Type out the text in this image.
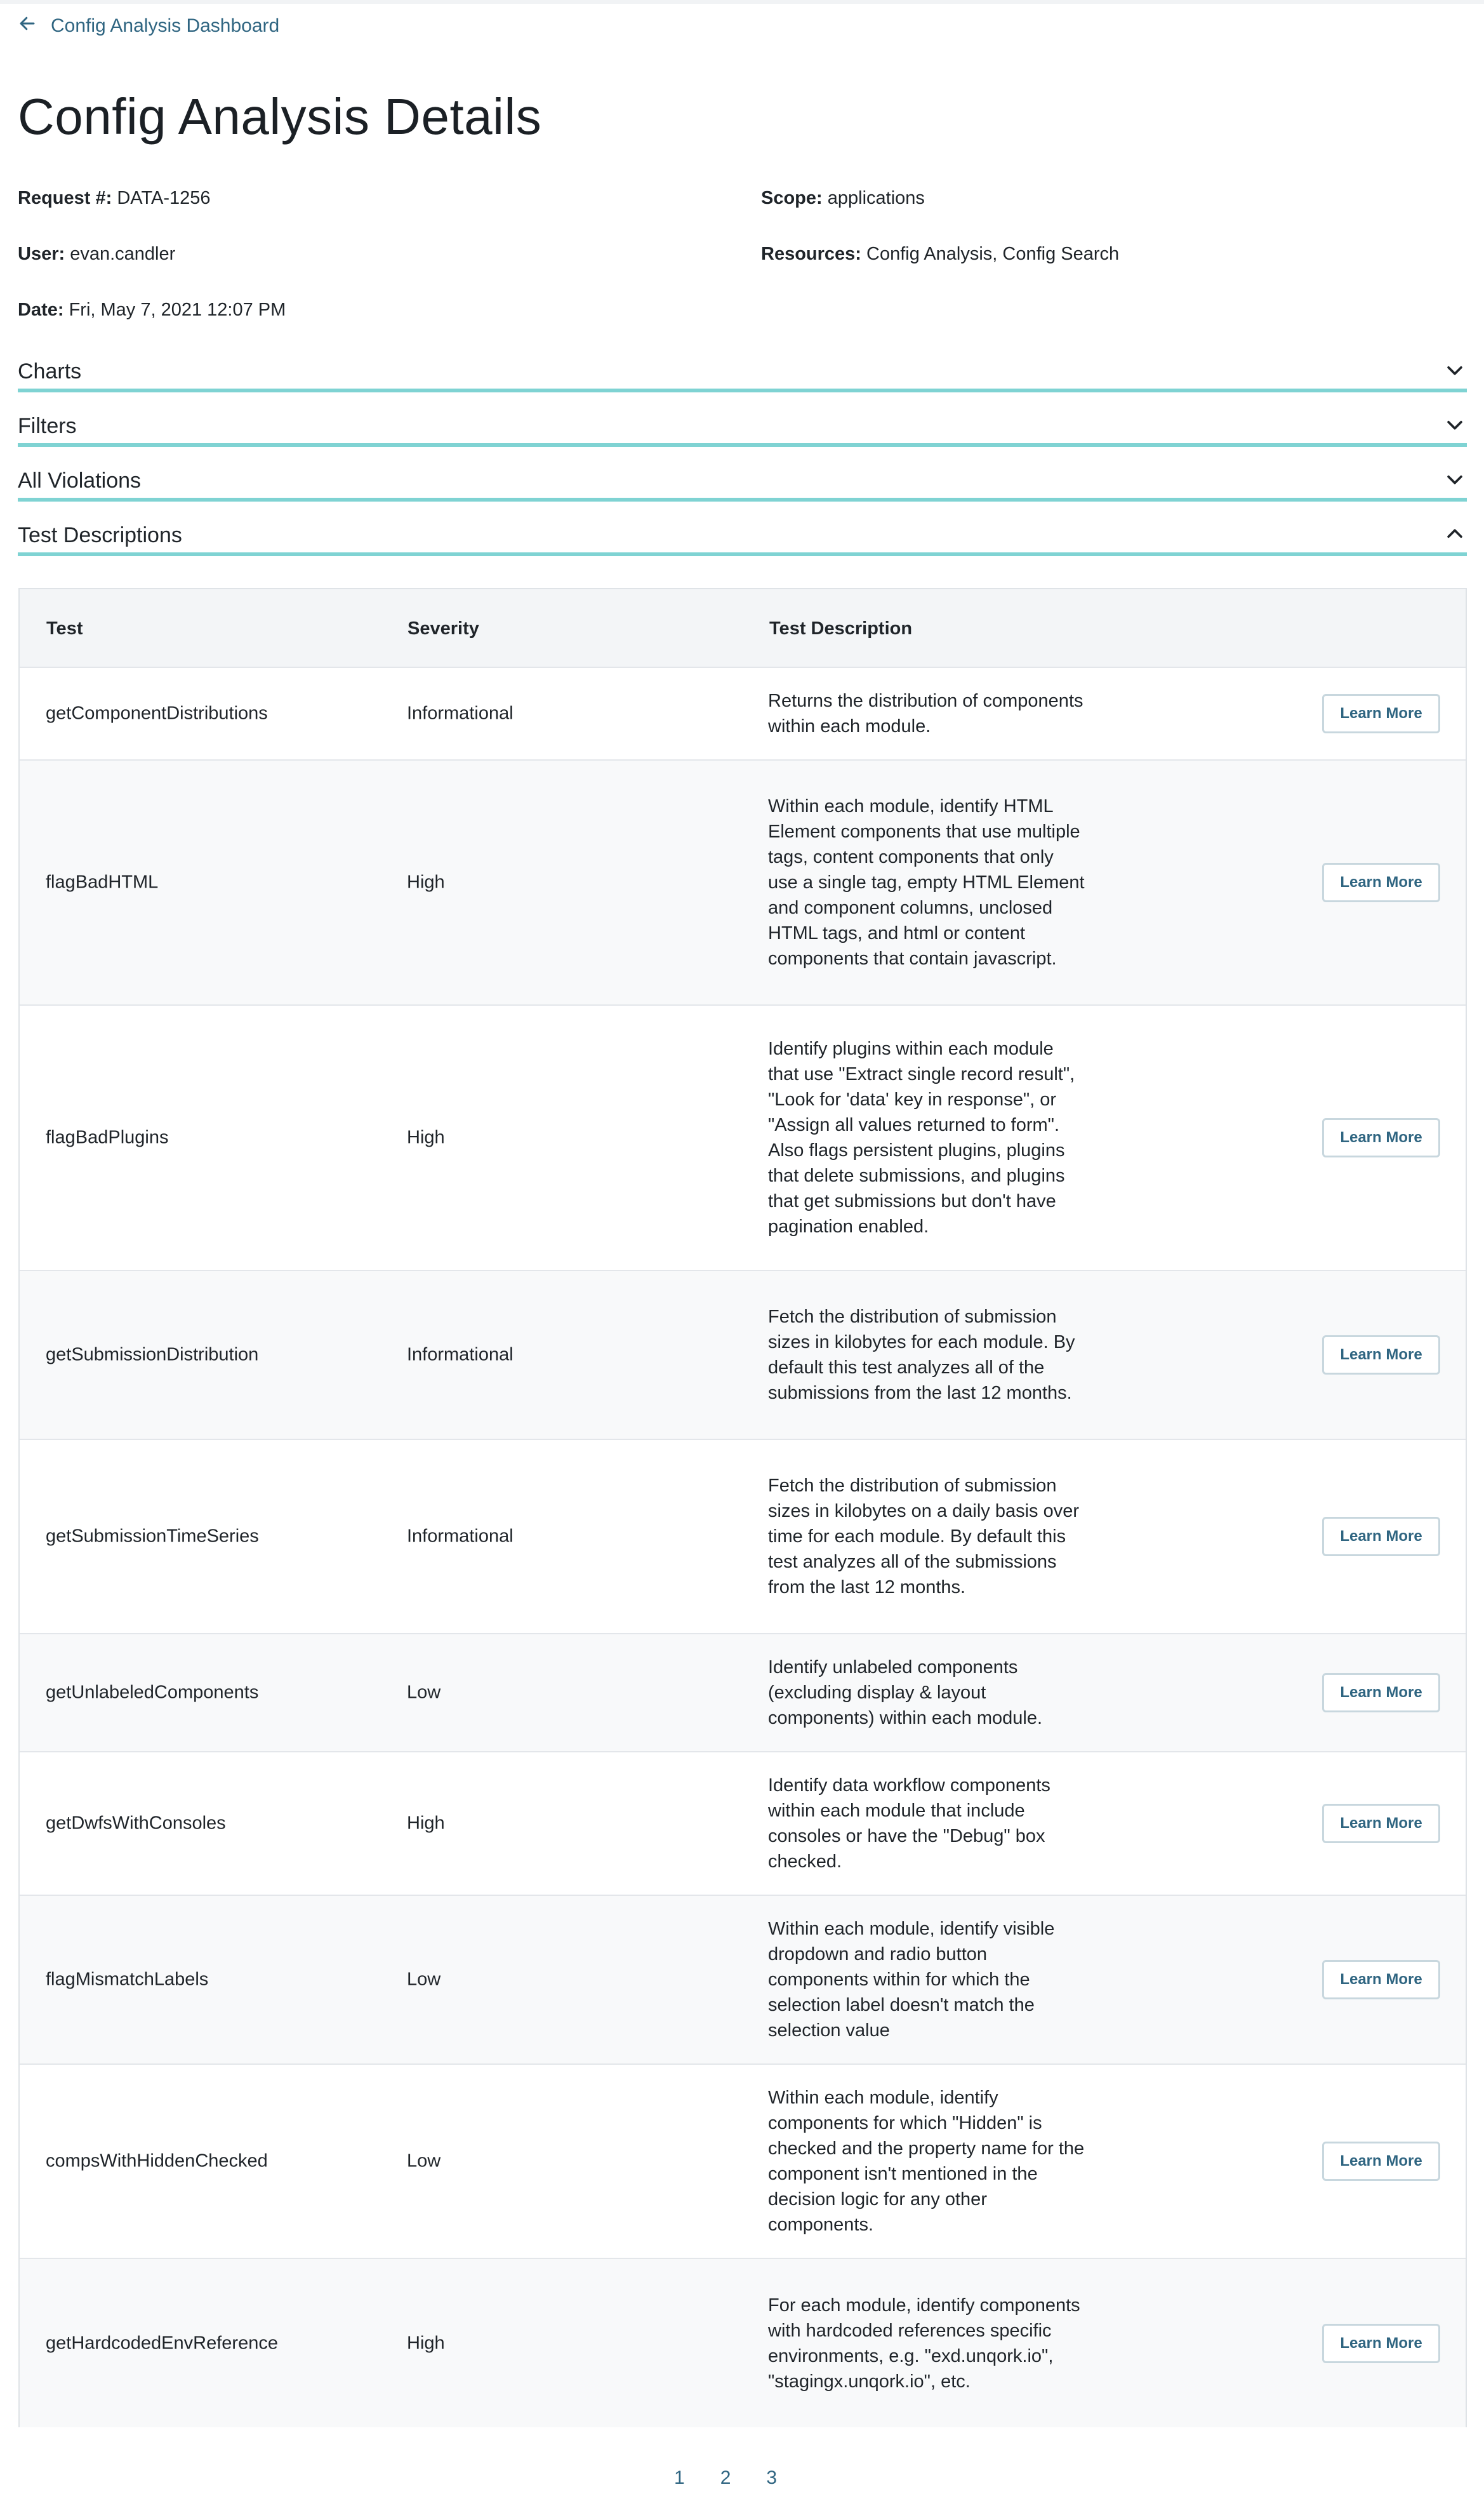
Config Analysis Dashboard
Config Analysis Details
Request #: DATA-1256	Scope: applications
User: evan.candler	Resources: Config Analysis, Config Search
Date: Fri, May 7, 2021 12:07 PM
Charts
Filters
All Violations
Test Descriptions
Test	Severity	Test Description
getComponentDistributions	Informational
Returns the distribution of components within each module.
Learn More
flagBadHTML	High
Within each module, identify HTML Element components that use multiple tags, content components that only use a single tag, empty HTML Element and component columns, unclosed HTML tags, and html or content components that contain javascript.
Learn More
flagBadPlugins	High
Identify plugins within each module that use "Extract single record result", "Look for 'data' key in response", or "Assign all values returned to form". Also flags persistent plugins, plugins that delete submissions, and plugins that get submissions but don't have pagination enabled.
Learn More
getSubmissionDistribution	Informational
Fetch the distribution of submission sizes in kilobytes for each module. By default this test analyzes all of the submissions from the last 12 months.
Learn More
getSubmissionTimeSeries	Informational
Fetch the distribution of submission sizes in kilobytes on a daily basis over time for each module. By default this test analyzes all of the submissions from the last 12 months.
Learn More
getUnlabeledComponents	Low
Identify unlabeled components (excluding display & layout components) within each module.
Learn More
getDwfsWithConsoles	High
Identify data workflow components within each module that include consoles or have the "Debug" box checked.
Learn More
flagMismatchLabels	Low
Within each module, identify visible dropdown and radio button components within for which the selection label doesn't match the selection value
Learn More
compsWithHiddenChecked	Low
Within each module, identify components for which "Hidden" is checked and the property name for the component isn't mentioned in the decision logic for any other components.
Learn More
getHardcodedEnvReference	High
For each module, identify components with hardcoded references specific environments, e.g. "exd.unqork.io", "stagingx.unqork.io", etc.
Learn More
1 2 3
